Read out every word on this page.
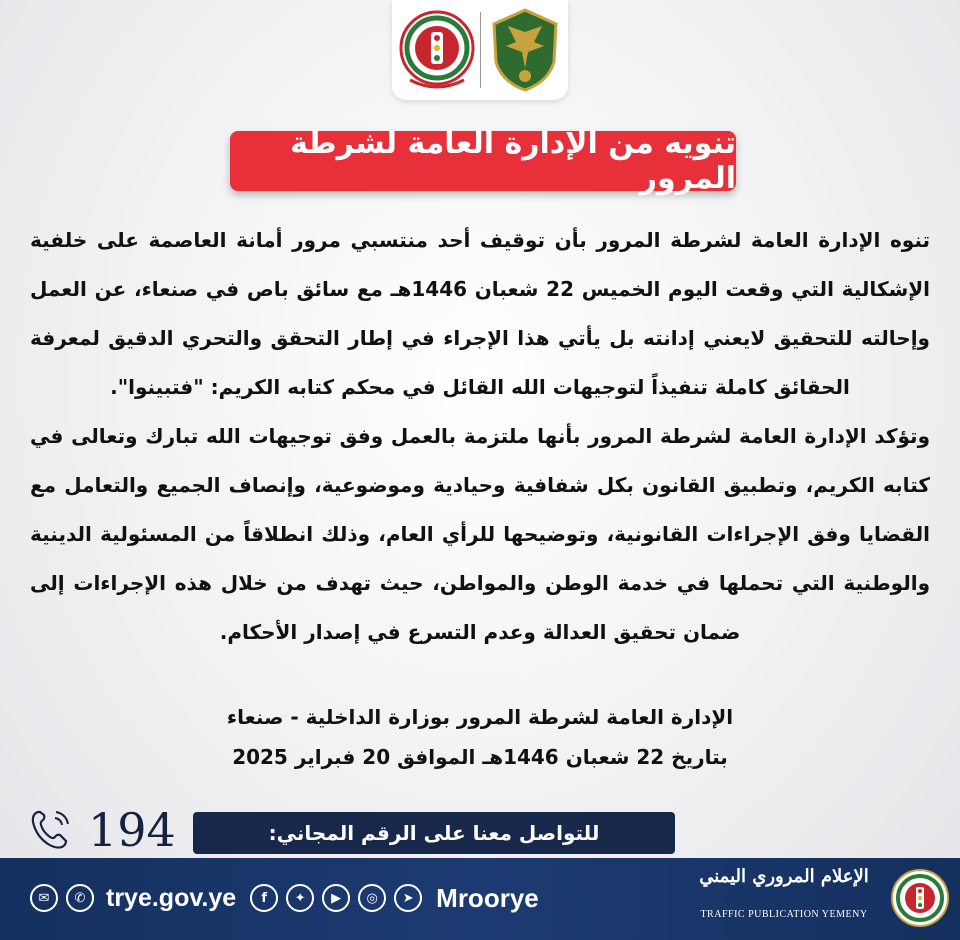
تنويه من الإدارة العامة لشرطة المرور

تنوه الإدارة العامة لشرطة المرور بأن توقيف أحد منتسبي مرور أمانة العاصمة على خلفية الإشكالية التي وقعت اليوم الخميس 22 شعبان 1446هـ مع سائق باص في صنعاء، عن العمل وإحالته للتحقيق لايعني إدانته بل يأتي هذا الإجراء في إطار التحقق والتحري الدقيق لمعرفة الحقائق كاملة تنفيذاً لتوجيهات الله القائل في محكم كتابه الكريم: "فتبينوا".

وتؤكد الإدارة العامة لشرطة المرور بأنها ملتزمة بالعمل وفق توجيهات الله تبارك وتعالى في كتابه الكريم، وتطبيق القانون بكل شفافية وحيادية وموضوعية، وإنصاف الجميع والتعامل مع القضايا وفق الإجراءات القانونية، وتوضيحها للرأي العام، وذلك انطلاقاً من المسئولية الدينية والوطنية التي تحملها في خدمة الوطن والمواطن، حيث تهدف من خلال هذه الإجراءات إلى ضمان تحقيق العدالة وعدم التسرع في إصدار الأحكام.

الإدارة العامة لشرطة المرور بوزارة الداخلية - صنعاء
بتاريخ 22 شعبان 1446هـ الموافق 20 فبراير 2025
194	للتواصل معنا على الرقم المجاني:
✉	✆ trye.gov.ye	f	✦	▶	◎	➤ Mroorye
الإعلام المروري اليمني
TRAFFIC PUBLICATION YEMENY
